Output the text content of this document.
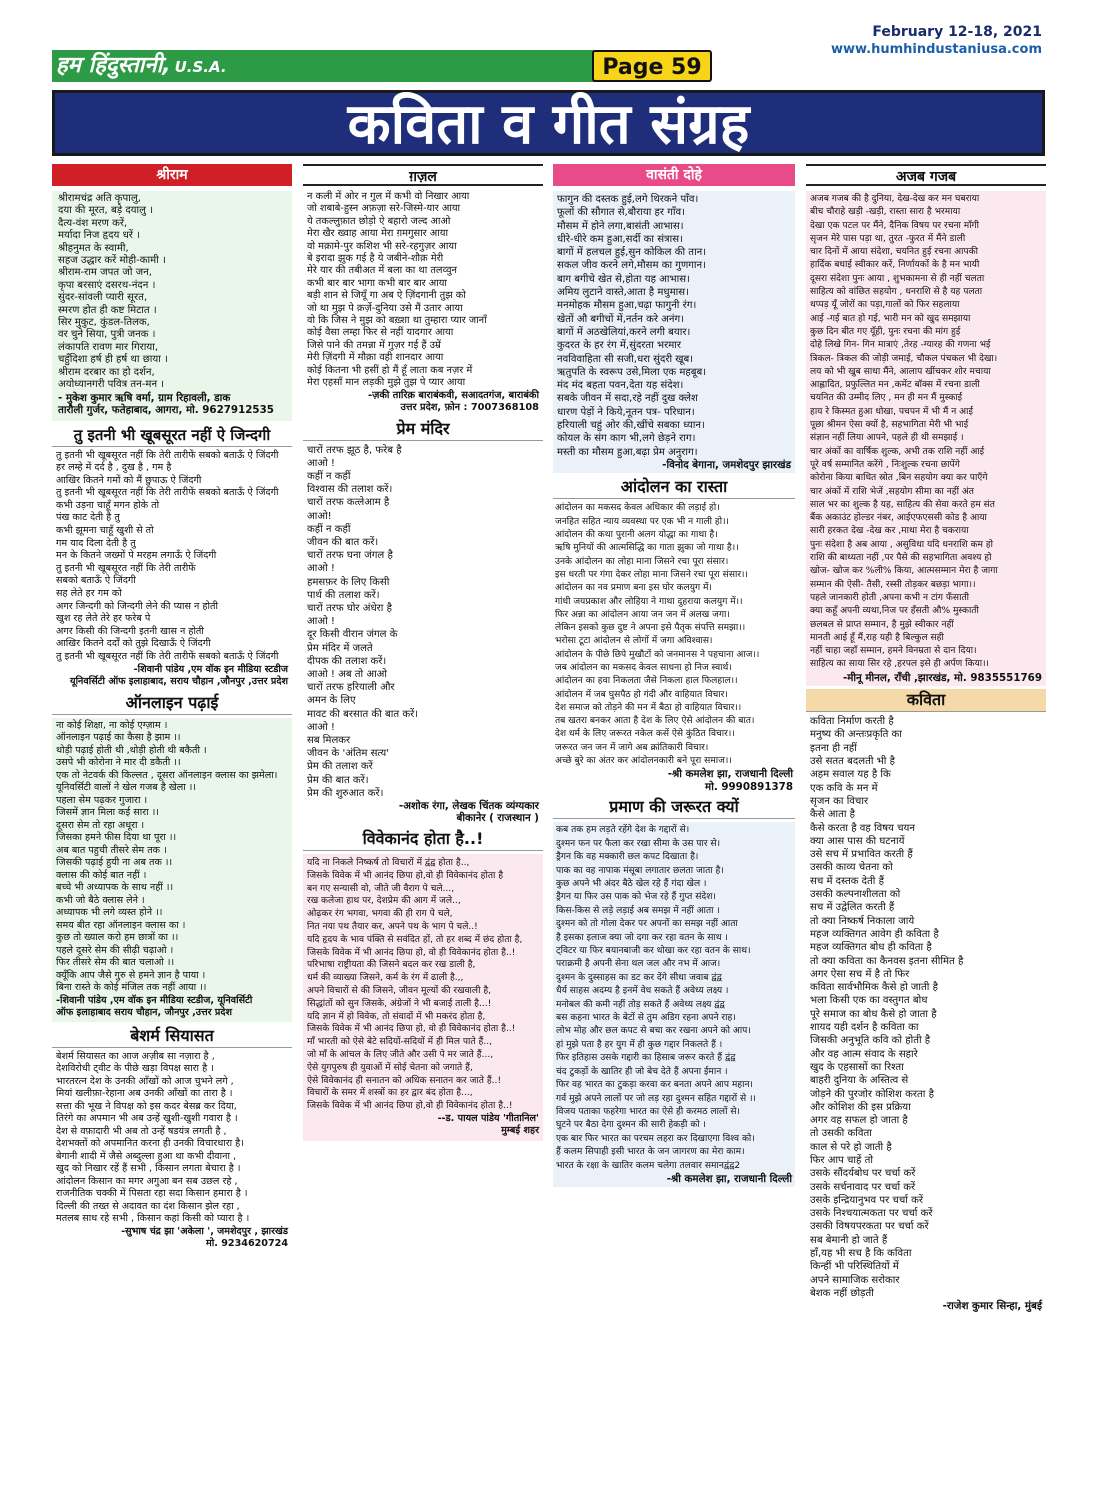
हम हिंदुस्तानी, U.S.A.	Page 59
February 12-18, 2021
www.humhindustaniusa.com
कविता व गीत संग्रह
श्रीराम
श्रीरामचंद्र अति कृपालु,
दया की मूरत, बड़े दयालु ।
दैत्य-वंश मरण करें,
मर्यादा निज हृदय धरें ।
श्रीहनुमत के स्वामी,
सहज उद्धार करें मोही-कामी ।
श्रीराम-राम जपत जो जन,
कृपा बरसाएं दसरथ-नंदन ।
सुंदर-सांवली प्यारी सूरत,
स्मरण होत ही कष्ट मिटात ।
सिर मुकुट, कुंडल-तिलक,
वर चुने सिया, पुत्री जनक ।
लंकापति रावण मार गिराया,
चहुँदिशा हर्ष ही हर्ष था छाया ।
श्रीराम दरबार का हो दर्शन,
अयोध्यानगरी पवित्र तन-मन ।
- मुकेश कुमार ऋषि वर्मा, ग्राम रिहावली, डाक
तारौली गुर्जर, फतेहाबाद, आगरा, मो. 9627912535
तु इतनी भी खूबसूरत नहीं ऐ जिन्दगी
तु इतनी भी खूबसूरत नहीं कि तेरी तारीफें सबको बताऊँ ऐ जिंदगी
हर लम्हे में दर्द है , दुख है , गम है
आखिर कितने गमों को मैं छुपाऊ ऐ जिंदगी
तु इतनी भी खूबसूरत नहीं कि तेरी तारीफें सबको बताऊँ ऐ जिंदगी
कभी उड़ना चाहूँ मगन होके तो
पंख काट देती है तु
कभी झूमना चाहूँ खुशी से तो
गम याद दिला देती है तु
मन के कितने जख्मों पे मरहम लगाऊँ ऐ जिंदगी
तु इतनी भी खूबसूरत नहीं कि तेरी तारीफें
सबको बताऊँ ऐ जिंदगी
सह लेते हर गम को
अगर जिन्दगी को जिन्दगी लेने की प्यास न होती
खुश रह लेते तेरे हर फरेब पे
अगर किसी की जिन्दगी इतनी खास न होती
आखिर कितने दर्दों को तुझे दिखाऊँ ऐ जिंदगी
तु इतनी भी खूबसूरत नहीं कि तेरी तारीफें सबको बताऊँ ऐ जिंदगी
-शिवानी पांडेय ,एम वॉक इन मीडिया स्टडीज
यूनिवर्सिटी ऑफ इलाहाबाद, सराय चौहान ,जौनपुर ,उत्तर प्रदेश
ऑनलाइन पढ़ाई
ना कोई शिक्षा, ना कोई एग्ज़ाम ।
ऑनलाइन पढ़ाई का कैसा है झाम ।।
थोड़ी पढ़ाई होती थी ,थोड़ी होती थी बकैती ।
उसपे भी कोरोना ने मार दी डकैती ।।
एक तो नेटवर्क की किल्लत , दूसरा ऑनलाइन क्लास का झमेला।
यूनिवर्सिटी वालों ने खेल गजब है खेला ।।
पहला सेम पढ़कर गुजारा ।
जिसमें ज्ञान मिला कई सारा ।।
दूसरा सेम तो रहा अधूरा ।
जिसका हमने फीस दिया था पूरा ।।
अब बात पहुची तीसरे सेम तक ।
जिसकी पढ़ाई हुयी ना अब तक ।।
क्लास की कोई बात नहीं ।
बच्चे भी अध्यापक के साथ नहीं ।।
कभी जो बैठे क्लास लेने ।
अध्यापक भी लगे व्यस्त होने ।।
समय बीत रहा ऑनलाइन क्लास का ।
कुछ तो ख्याल करो हम छात्रों का ।।
पहले दूसरे सेम की सीढ़ी चढ़ाओ ।
फिर तीसरे सेम की बात चलाओ ।।
क्यूँकि आप जैसे गुरु से हमने ज्ञान है पाया ।
बिना रास्ते के कोई मंजिल तक नहीं आया ।।
-शिवानी पांडेय ,एम वॉक इन मीडिया स्टडीज, यूनिवर्सिटी
ऑफ इलाहाबाद सराय चौहान, जौनपुर ,उत्तर प्रदेश
बेशर्म सियासत
बेशर्म सियासत का आज अज़ीब सा नज़ारा है ,
देशविरोधी ट्वीट के पीछे खड़ा विपक्ष सारा है ।
भारतरत्न देश के उनकी आँखों को आज चुभने लगे ,
मियां खलीफ़ा-रेहाना अब उनकी आँखों का तारा है ।
सत्ता की भूख ने विपक्ष को इस कदर बेसब्र कर दिया,
तिरंगे का अपमान भी अब उन्हें खुशी-खुशी गवारा है ।
देश से वफ़ादारी भी अब तो उन्हें षडयंत्र लगती है ,
देशभक्तों को अपमानित करना ही उनकी विचारधारा है।
बेगानी शादी में जैसे अब्दुल्ला हुआ था कभी दीवाना ,
खुद को निखार रहें हैं सभी , किसान लगता बेचारा है ।
आंदोलन किसान का मगर अगुआ बन सब उछल रहे ,
राजनीतिक चक्की में पिसता रहा सदा किसान हमारा है ।
दिल्ली की तख्त से अदावत का दंश किसान झेल रहा ,
मतलब साध रहे सभी , किसान कहां किसी को प्यारा है ।
-सुभाष चंद्र झा 'अकेला ', जमशेदपुर , झारखंड
मो. 9234620724
ग़ज़ल
न कली में ओर न गुल में कभी वो निखार आया
जो शबाबे-हुस्न अफ़ज़ा सरे-जिस्मे-यार आया
ये तकल्लुफ़ात छोड़ो ऐ बहारो जल्द आओ
मेरा खैर ख्वाह आया मेरा ग़मगुसार आया
वो मक़ामे-पुर कशिश भी सरे-रहगुज़र आया
बे इरादा झुक गई है ये जबीने-शौक़ मेरी
मेरे यार की तबीअत में बला का था तलव्वुन
कभी बार बार भागा कभी बार बार आया
बड़ी शान से जियूँ गा अब ऐ ज़िंदगानी तुझ को
जो था मुझ पे क़र्ज़े-दुनिया उसे मैं उतार आया
वो कि जिस ने मुझ को बख़्शा था तुम्हारा प्यार जानाँ
कोई वैसा लम्हा फिर से नहीं यादगार आया
जिसे पाने की तमन्ना में गुज़र गई हैं उम्रें
मेरी ज़िंदगी में मौक़ा वही शानदार आया
कोई कितना भी हसीं हो मैं हूँ लाता कब नज़र में
मेरा एहसाँ मान लड़की मुझे तुझ पे प्यार आया
-ज़की तारिक़ बाराबंकवी, सआदतगंज, बाराबंकी
उत्तर प्रदेश, फ़ोन : 7007368108
प्रेम मंदिर
चारों तरफ झूठ है, फरेब है
आओ !
कहीं न कहीं
विश्वास की तलाश करें।
चारों तरफ कत्लेआम है
आओ!
कहीं न कहीं
जीवन की बात करें।
चारों तरफ घना जंगल है
आओ !
हमसफ़र के लिए किसी
पार्थ की तलाश करें।
चारों तरफ घोर अंधेरा है
आओ !
दूर किसी वीरान जंगल के
प्रेम मंदिर में जलते
दीपक की तलाश करें।
आओ ! अब तो आओ
चारों तरफ हरियाली और
अमन के लिए
मावट की बरसात की बात करें।
आओ !
सब मिलकर
जीवन के 'अंतिम सत्य'
प्रेम की तलाश करें
प्रेम की बात करें।
प्रेम की शुरुआत करें।
-अशोक रंगा, लेखक चिंतक व्यंग्यकार
बीकानेर ( राजस्थान )
विवेकानंद होता है..!
यदि ना निकले निष्कर्ष तो विचारों में द्वंद्व होता है..,
जिसके विवेक में भी आनंद छिपा हो,वो ही विवेकानंद होता है
बन गए सन्यासी वो, जीते जी वैराग पे चले...,
रख कलेजा हाथ पर, देशप्रेम की आग में जले..,
ओढ़कर रंग भगवा, भगवा की ही राग पे चले,
नित नया पथ तैयार कर, अपने पथ के भाग पे चले..!
यदि हृदय के भाव पंक्ति से सवंदित हों, तो हर शब्द में छंद होता है,
जिसके विवेक में भी आनंद छिपा हो, वो ही विवेकानंद होता है..!
परिभाषा राष्ट्रीयता की जिसने बदल कर रख डाली है,
धर्म की व्याख्या जिसने, कर्म के रंग में ढाली है.,,
अपने विचारों से की जिसने, जीवन मूल्यों की रखवाली है,
सिद्धांतों को सुन जिसके, अंग्रेजों ने भी बजाई ताली है...!
यदि ज्ञान में हो विवेक, तो संवादों में भी मकरंद होता है,
जिसके विवेक में भी आनंद छिपा हो, वो ही विवेकानंद होता है..!
माँ भारती को ऐसे बेटे सदियों-सदियों में ही मिल पाते हैं..,
जो माँ के आंचल के लिए जीते और उसी पे मर जाते हैं...,
ऐसे युगपुरुष ही युवाओं में सोई चेतना को जगाते हैं,
ऐसे विवेकानंद ही सनातन को अधिक सनातन कर जाते हैं..!
विचारों के समर में शस्त्रों का हर द्वार बंद होता है...,
जिसके विवेक में भी आनंद छिपा हो,वो ही विवेकानंद होता है..!
--ड. पायल पांडेय 'गीतानिल'
मुम्बई शहर
वासंती दोहे
फागुन की दस्तक हुई,लगे थिरकने पाँव।
फूलों की सौगात से,बौराया हर गाँव।
मौसम में होने लगा,बासंती आभास।
धीरे-धीरे कम हुआ,सर्दी का संत्रास।
बागों में हलचल हुई,सुन कोकिल की तान।
सकल जीव करने लगे,मौसम का गुणगान।
बाग बगीचे खेत से,होता यह आभास।
अमिय लुटाने वास्ते,आता है मधुमास।
मनमोहक मौसम हुआ,चढ़ा फागुनी रंग।
खेतों औ बगीचों में,नर्तन करे अनंग।
बागों में अठखेलियां,करने लगी बयार।
कुदरत के हर रंग में,सुंदरता भरमार
नवविवाहिता सी सजी,धरा सुंदरी खूब।
ऋतुपति के स्वरूप उसे,मिला एक महबूब।
मंद मंद बहता पवन,देता यह संदेश।
सबके जीवन में सदा,रहे नहीं दुख क्लेश
धारण पेड़ों ने किये,नूतन पत्र- परिधान।
हरियाली चहुं ओर की,खींचे सबका ध्यान।
कोयल के संग काग भी,लगे छेड़ने राग।
मस्ती का मौसम हुआ,बढ़ा प्रेम अनुराग।
-विनोद बेगाना, जमशेदपुर झारखंड
आंदोलन का रास्ता
आंदोलन का मकसद केवल अधिकार की लड़ाई हो।
जनहित सहित न्याय व्यवस्था पर एक भी न गाली हो।।
आंदोलन की कथा पुरानी अलग योद्धा का गाथा है।
ऋषि मुनियों की आत्मसिद्धि का गाता झुका जो गाथा है।।
उनके आंदोलन का लोहा माना जिसने रचा पूरा संसार।
इस धरती पर गंगा देकर लोहा माना जिसने रचा पूरा संसार।।
आंदोलन का नव प्रमाण बना इस घोर कलयुग में।
गांधी जयप्रकाश और लोहिया ने गाथा दुहराया कलयुग में।।
फिर अन्ना का आंदोलन आया जन जन में अलख जगा।
लेकिन इसको कुछ दुष्ट ने अपना इसे पैतृक संपत्ति समझा।।
भरोसा टूटा आंदोलन से लोगों में जगा अविश्वास।
आंदोलन के पीछे छिपे मुखौटों को जनमानस ने पहचाना आज।।
जब आंदोलन का मकसद केवल साधना हो निज स्वार्थ।
आंदोलन का हवा निकलता जैसे निकला हाल फिलहाल।।
आंदोलन में जब घुसपैठ हो गंदी और वाहियात विचार।
देश समाज को तोड़ने की मन में बैठा हो वाहियात विचार।।
तब खतरा बनकर आता है देश के लिए ऐसे आंदोलन की बात।
देश धर्म के लिए जरूरत नकेल कसें ऐसे कुंठित विचार।।
जरूरत जन जन में जागे अब क्रांतिकारी विचार।
अच्छे बुरे का अंतर कर आंदोलनकारी बने पूरा समाज।।
-श्री कमलेश झा, राजधानी दिल्ली
मो. 9990891378
प्रमाण की जरूरत क्यों
कब तक हम लड़ते रहेंगे देश के गद्दारों से।
दुश्मन फन पर फैला कर रखा सीमा के उस पार से।
ड्रैगन कि वह मक्कारी छल कपट दिखाता है।
पाक का वह नापाक मंसूबा लगातार छलता जाता है।
कुछ अपने भी अंदर बैठे खेल रहे हैं गंदा खेल ।
ड्रैगन या फिर उस पाक को भेज रहे हैं गुप्त संदेश।
किस-किस से लड़े लड़ाई अब समझ में नहीं आता ।
दुश्मन को तो गोला देकर पर अपनों का समझ नहीं आता
है इसका इलाज क्या जो दगा कर रहा वतन के साथ ।
ट्विटर या फिर बयानबाजी कर धोखा कर रहा वतन के साथ।
पराक्रमी है अपनी सेना थल जल और नभ में आज।
दुश्मन के दुस्साहस का डट कर देंगे सीधा जवाब द्वंद्व
धैर्य साहस अदम्य है इनमें वेध सकते हैं अवेध्य लक्ष्य ।
मनोबल की कमी नहीं तोड़ सकते हैं अवेध्य लक्ष्य द्वंद्व
बस कहना भारत के बेटों से तुम अडिग रहना अपने राह।
लोभ मोह और छल कपट से बचा कर रखना अपने को आप।
हां मुझे पता है हर युग में ही कुछ गद्दार निकलते हैं ।
फिर इतिहास उसके गद्दारी का हिसाब जरूर करते हैं द्वंद्व
चंद टुकड़ों के खातिर ही जो बेच देते हैं अपना ईमान ।
फिर वह भारत का टुकड़ा करवा कर बनता अपने आप महान।
गर्व मुझे अपने लालों पर जो लड़ रहा दुश्मन सहित गद्दारों से ।।
विजय पताका फहरेगा भारत का ऐसे ही करमठ लालों से।
घुटने पर बैठा देगा दुश्मन की सारी हेकड़ी को ।
एक बार फिर भारत का परचम लहरा कर दिखाएगा विश्व को।
हैं कलम सिपाही इसी भारत के जन जागरण का मेरा काम।
भारत के रक्षा के खातिर कलम चलेगा तलवार समानद्वंद्व2
-श्री कमलेश झा, राजधानी दिल्ली
अजब गजब
अजब गजब की है दुनिया, देख-देख कर मन घबराया
बीच चौराहे खड़ी -खड़ी, रास्ता सारा है भरमाया
देखा एक पटल पर मैंने, दैनिक विषय पर रचना माँगी
सृजन मेरे पास पड़ा था, तुरत -फुरत में मैंने डाली
चार दिनों में आया संदेशा, चयनित हुई रचना आपकी
हार्दिक बधाई स्वीकार करें, निर्णायकों के है मन भायी
दूसरा संदेशा पुनः आया , शुभकामना से ही नहीं चलता
साहित्य को वांछित सहयोग , धनराशि से है यह पलता
थप्पड़ यूँ जोरों का पड़ा,गालों को फिर सहलाया
आई -गई बात हो गई, भारी मन को खुद समझाया
कुछ दिन बीत गए यूँही, पुनः रचना की मांग हुई
दोहे लिखे गिन- गिन मात्राएं ,तेरह -ग्यारह की गणना भई
त्रिकल- त्रिकल की जोड़ी जमाई, चौकल पंचकल भी देखा।
लय को भी खुब साधा मैंने, आलाप खींचकर शोर मचाया
आह्लादित, प्रफुल्लित मन ,कमेंट बॉक्स में रचना डाली
चयनित की उम्मीद लिए , मन ही मन मैं मुस्काई
हाय रे किस्मत हुआ धोखा, पचपन में भी मैं न आई
पूछा श्रीमन ऐसा क्यों है, सहभागिता मेरी भी भाई
संज्ञान नहीं लिया आपने, पहले ही थी समझाई ।
चार अंकों का वार्षिक शुल्क, अभी तक राशि नहीं आई
पूरे वर्ष सम्मानित करेंगे , निःशुल्क रचना छापेंगे
कोरोना किया बाधित स्रोत ,बिन सहयोग क्या कर पाएँगे
चार अंकों में राशि भेजें ,सहयोग सीमा का नहीं अंत
साल भर का शुल्क है यह, साहित्य की सेवा करते हम संत
बैंक अकाउंट होल्डर नंबर, आईएफएससी कोड है आया
सारी हरकत देख -देख कर ,माथा मेरा है चकराया
पुनः संदेशा है अब आया , असुविधा यदि धनराशि कम हो
राशि की बाध्यता नहीं ,पर पैसे की सहभागिता अवश्य हो
खोज- खोज कर %ली% किया, आत्मसम्मान मेरा है जागा
सम्मान की ऐसी- तैसी, रस्सी तोड़कर बछड़ा भागा।।
पहले जानकारी होती ,अपना कभी न टांग फँसाती
क्या कहूँ अपनी व्यथा,निज पर हँसती औ% मुस्काती
छलबल से प्राप्त सम्मान, है मुझे स्वीकार नहीं
मानती आई हूँ मैं,राह यही है बिल्कुल सही
नहीं चाहा जहाँ सम्मान, हमने विनम्रता से दान दिया।
साहित्य का साया सिर रहे ,हरपल इसे ही अर्पण किया।।
-मीनू मीनल, राँची ,झारखंड, मो. 9835551769
कविता
कविता निर्माण करती है
मनुष्य की अन्तःप्रकृति का
इतना ही नहीं
उसे सतत बदलती भी है
अहम सवाल यह है कि
एक कवि के मन में
सृजन का विचार
कैसे आता है
कैसे करता है वह विषय चयन
क्या आस पास की घटनायें
उसे सच में प्रभावित करती हैं
उसकी काव्य चेतना को
सच में दस्तक देती हैं
उसकी कल्पनाशीलता को
सच में उद्वेलित करती हैं
तो क्या निष्कर्ष निकाला जाये
महज व्यक्तिगत आवेग ही कविता है
महज व्यक्तिगत बोध ही कविता है
तो क्या कविता का कैनवस इतना सीमित है
अगर ऐसा सच में है तो फिर
कविता सार्वभौमिक कैसे हो जाती है
भला किसी एक का वस्तुगत बोध
पूरे समाज का बोध कैसे हो जाता है
शायद यही दर्शन है कविता का
जिसकी अनुभूति कवि को होती है
और वह आत्म संवाद के सहारे
खुद के एहसासों का रिश्ता
बाहरी दुनिया के अस्तित्व से
जोड़ने की पुरजोर कोशिश करता है
और कोशिश की इस प्रक्रिया
अगर वह सफल हो जाता है
तो उसकी कविता
काल से परे हो जाती है
फिर आप चाहें तो
उसके सौंदर्यबोध पर चर्चा करें
उसके सर्चनावाद पर चर्चा करें
उसके इन्द्रियानुभव पर चर्चा करें
उसके निश्चयात्मकता पर चर्चा करें
उसकी विषयपरकता पर चर्चा करें
सब बेमानी हो जाते हैं
हाँ,यह भी सच है कि कविता
किन्हीं भी परिस्थितियों में
अपने सामाजिक सरोकार
बेशक नहीं छोड़ती
-राजेश कुमार सिन्हा, मुंबई
